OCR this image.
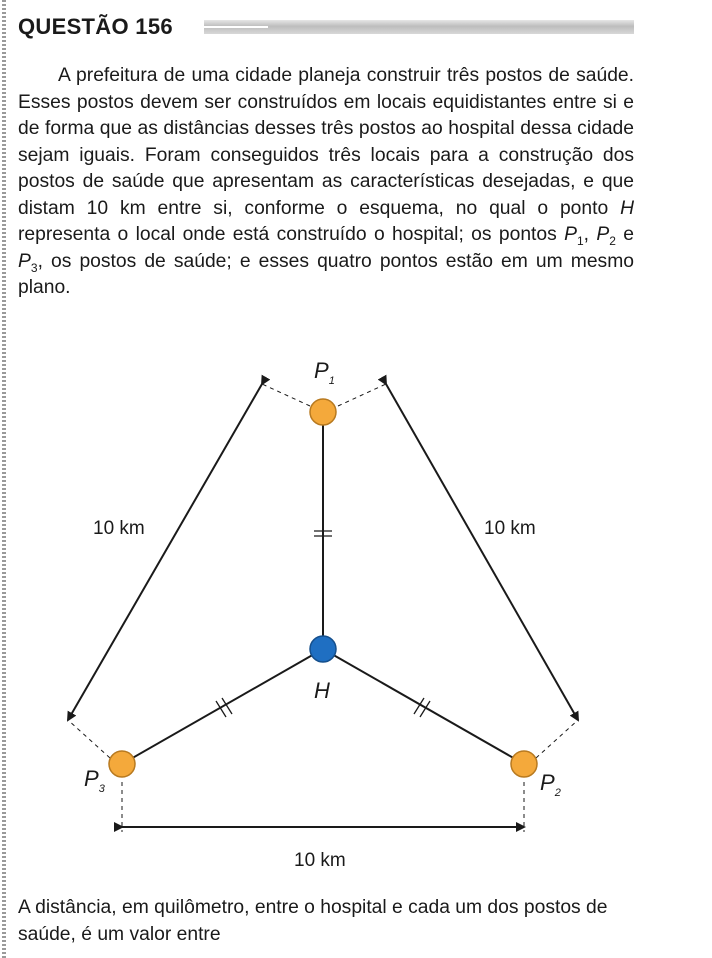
QUESTÃO 156

A prefeitura de uma cidade planeja construir três postos de saúde. Esses postos devem ser construídos em locais equidistantes entre si e de forma que as distâncias desses três postos ao hospital dessa cidade sejam iguais. Foram conseguidos três locais para a construção dos postos de saúde que apresentam as características desejadas, e que distam 10 km entre si, conforme o esquema, no qual o ponto H representa o local onde está construído o hospital; os pontos $P_1$, $P_2$ e $P_3$, os postos de saúde; e esses quatro pontos estão em um mesmo plano.

$P_1$
$P_2$
$P_3$
H
10 km	10 km
10 km

A distância, em quilômetro, entre o hospital e cada um dos postos de saúde, é um valor entre
